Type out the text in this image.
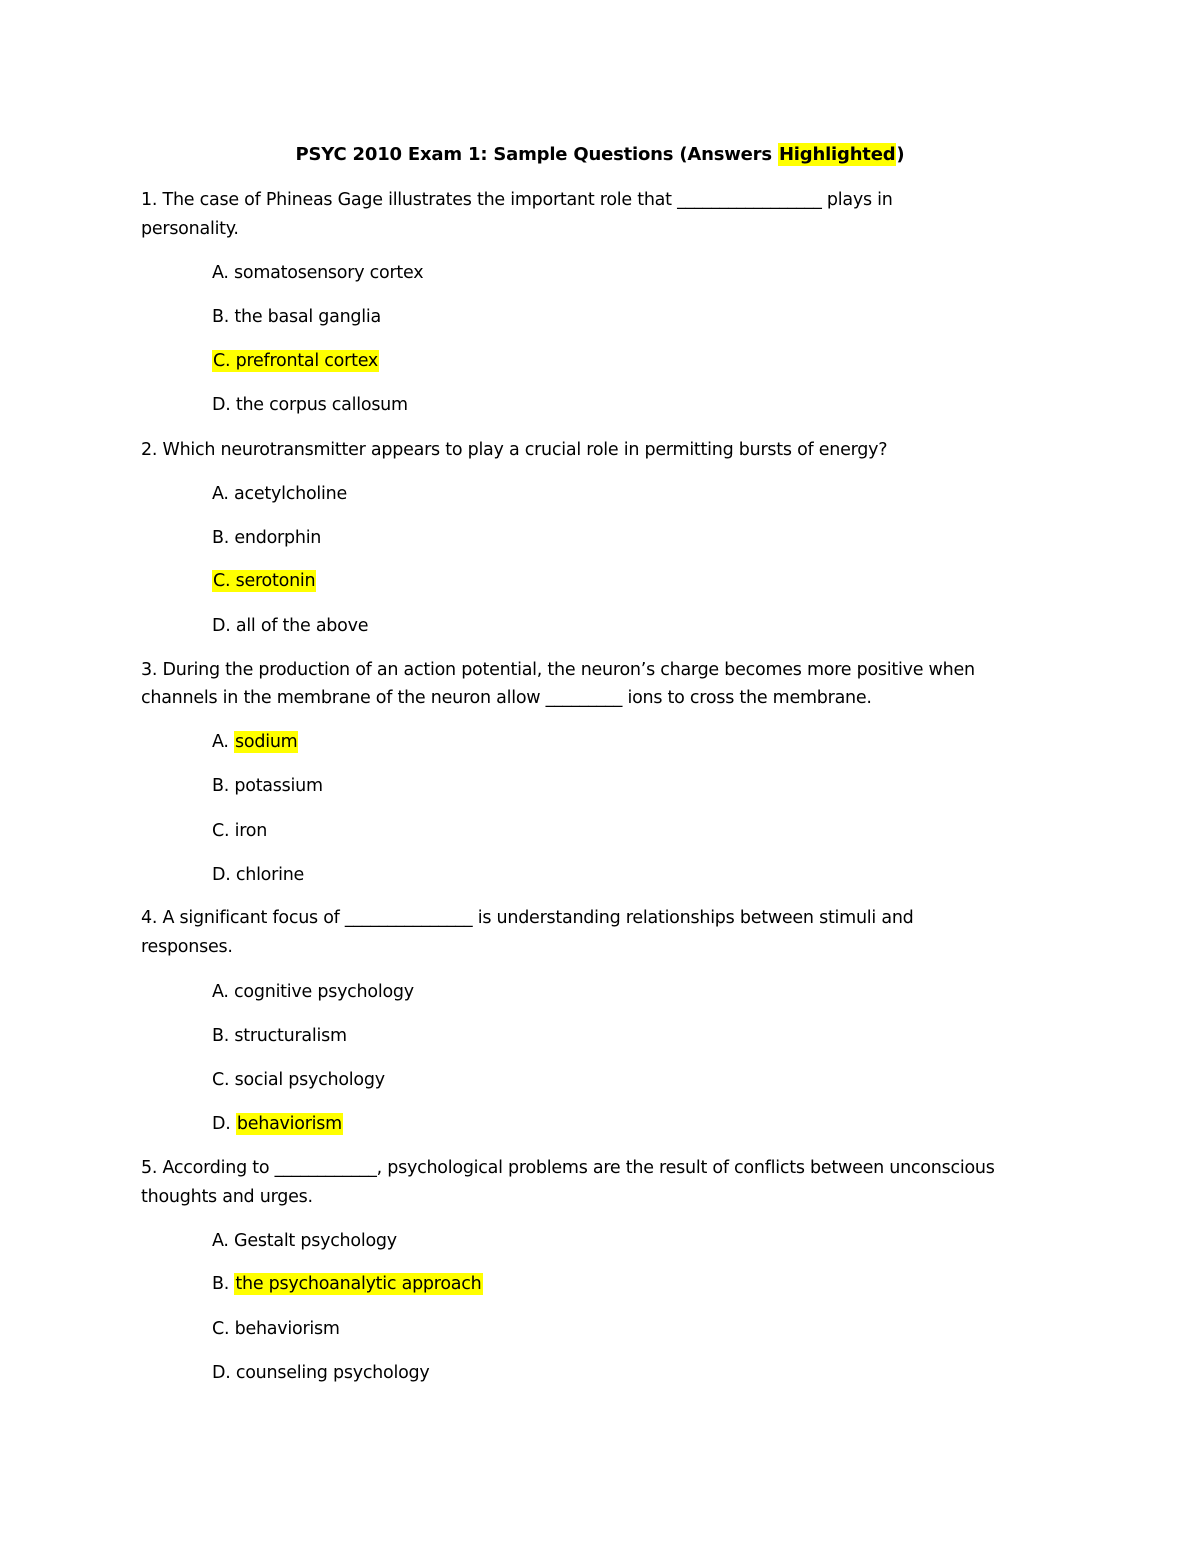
PSYC 2010 Exam 1: Sample Questions (Answers Highlighted)
1. The case of Phineas Gage illustrates the important role that _________________ plays in
personality.
A. somatosensory cortex
B. the basal ganglia
C. prefrontal cortex
D. the corpus callosum
2. Which neurotransmitter appears to play a crucial role in permitting bursts of energy?
A. acetylcholine
B. endorphin
C. serotonin
D. all of the above
3. During the production of an action potential, the neuron’s charge becomes more positive when
channels in the membrane of the neuron allow _________ ions to cross the membrane.
A. sodium
B. potassium
C. iron
D. chlorine
4. A significant focus of _______________ is understanding relationships between stimuli and
responses.
A. cognitive psychology
B. structuralism
C. social psychology
D. behaviorism
5. According to ____________, psychological problems are the result of conflicts between unconscious
thoughts and urges.
A. Gestalt psychology
B. the psychoanalytic approach
C. behaviorism
D. counseling psychology
